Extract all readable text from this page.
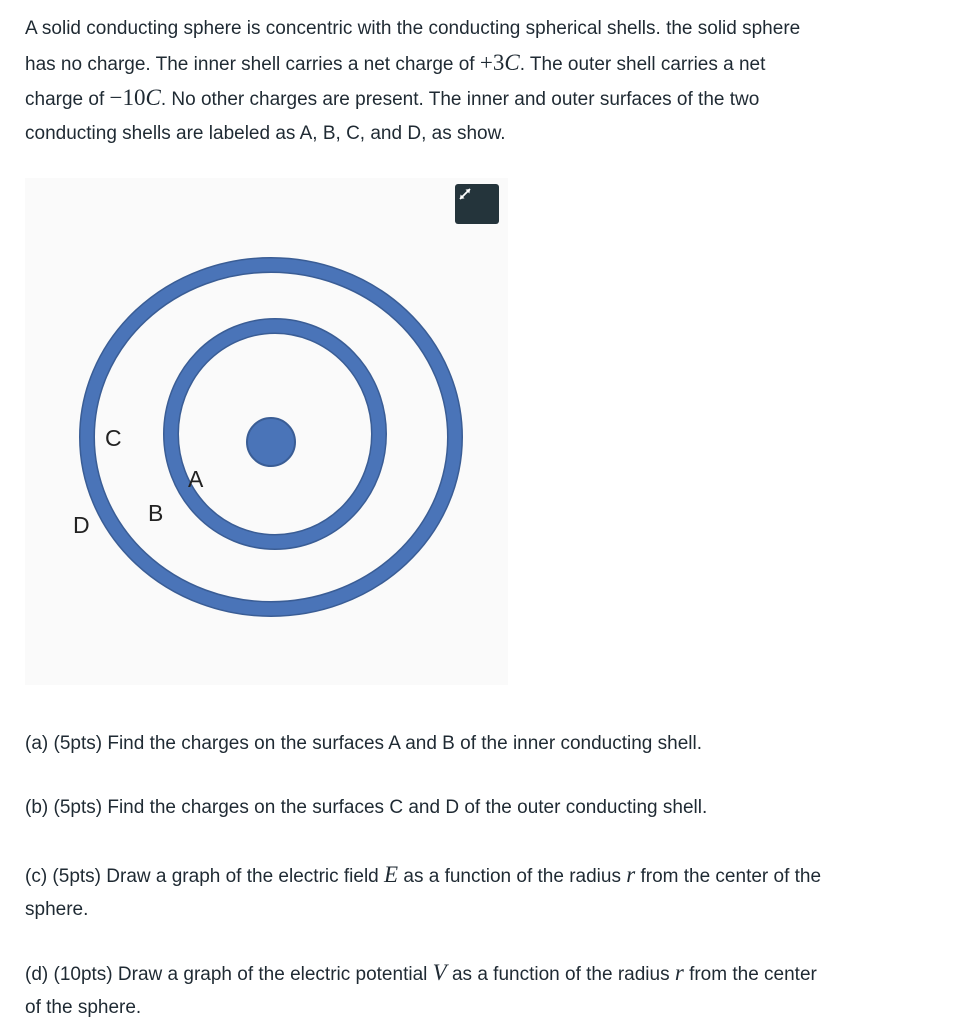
A solid conducting sphere is concentric with the conducting spherical shells. the solid sphere
has no charge. The inner shell carries a net charge of +3C. The outer shell carries a net
charge of −10C. No other charges are present. The inner and outer surfaces of the two
conducting shells are labeled as A, B, C, and D, as show.

C
A
B
D

(a) (5pts) Find the charges on the surfaces A and B of the inner conducting shell.

(b) (5pts) Find the charges on the surfaces C and D of the outer conducting shell.

(c) (5pts) Draw a graph of the electric field E as a function of the radius r from the center of the
sphere.

(d) (10pts) Draw a graph of the electric potential V as a function of the radius r from the center
of the sphere.
